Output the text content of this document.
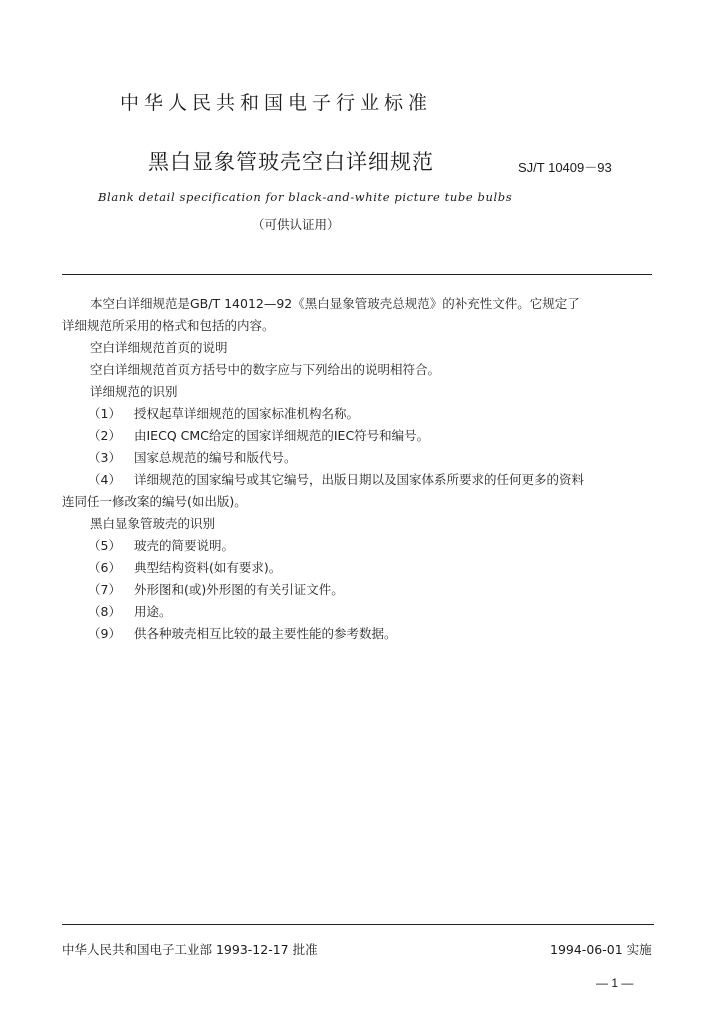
中华人民共和国电子行业标准
黑白显象管玻壳空白详细规范	SJ/T 10409－93
Blank detail specification for black-and-white picture tube bulbs
（可供认证用）
本空白详细规范是GB/T 14012—92《黑白显象管玻壳总规范》的补充性文件。它规定了
详细规范所采用的格式和包括的内容。
空白详细规范首页的说明
空白详细规范首页方括号中的数字应与下列给出的说明相符合。
详细规范的识别
（1） 授权起草详细规范的国家标准机构名称。
（2） 由IECQ CMC给定的国家详细规范的IEC符号和编号。
（3） 国家总规范的编号和版代号。
（4） 详细规范的国家编号或其它编号，出版日期以及国家体系所要求的任何更多的资料
连同任一修改案的编号(如出版)。
黑白显象管玻壳的识别
（5） 玻壳的简要说明。
（6） 典型结构资料(如有要求)。
（7） 外形图和(或)外形图的有关引证文件。
（8） 用途。
（9） 供各种玻壳相互比较的最主要性能的参考数据。
中华人民共和国电子工业部 1993-12-17 批准	1994-06-01 实施
— 1 —
